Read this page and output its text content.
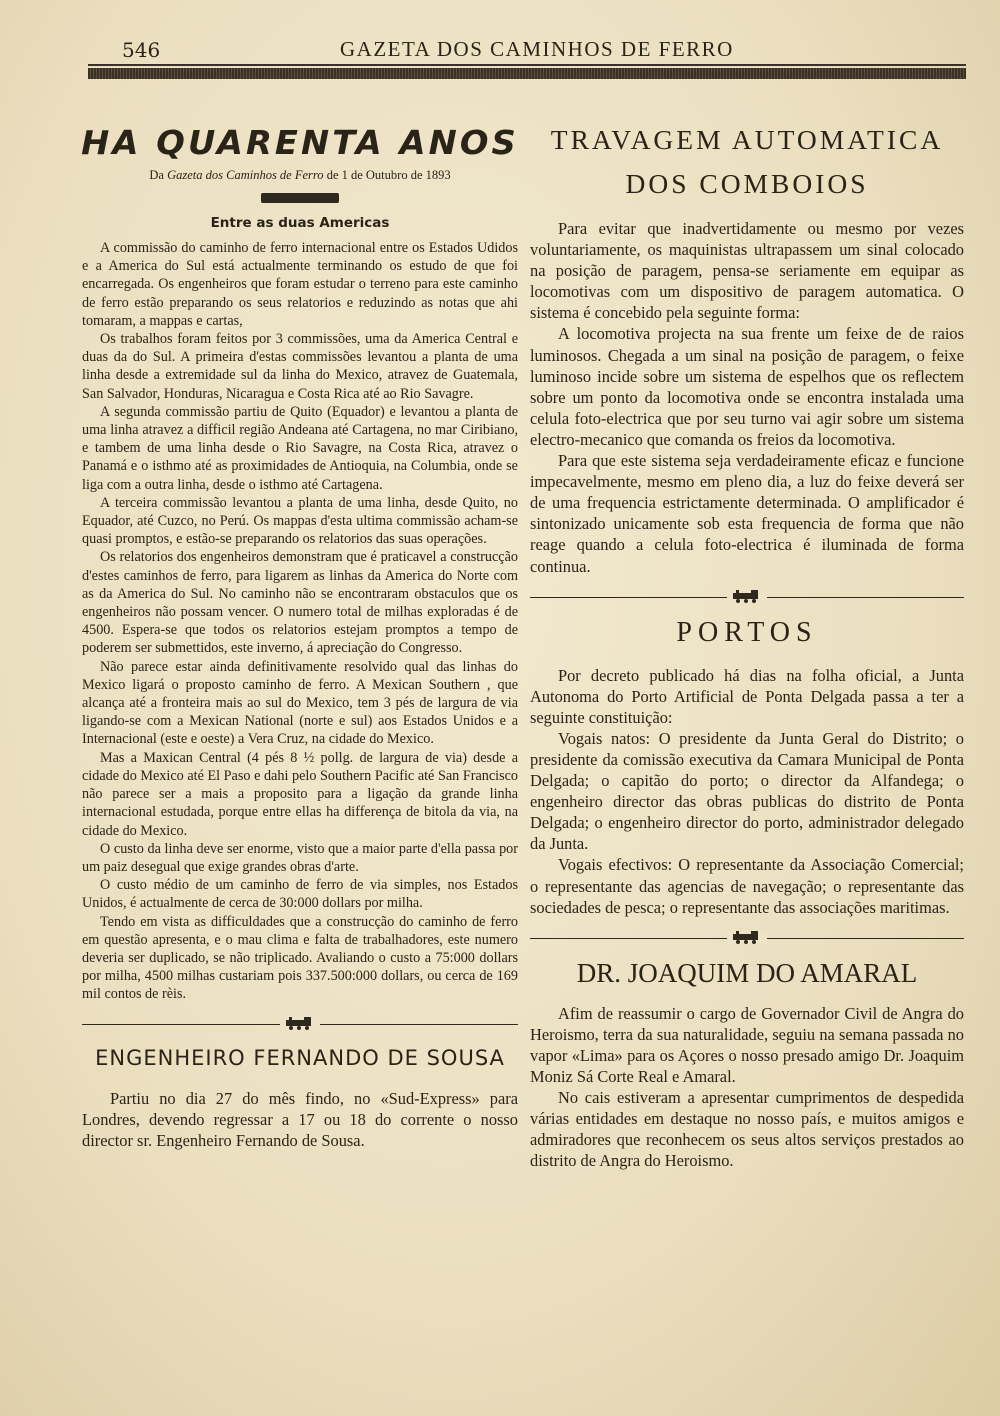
546	GAZETA DOS CAMINHOS DE FERRO
HA QUARENTA ANOS

Da Gazeta dos Caminhos de Ferro de 1 de Outubro de 1893

Entre as duas Americas

A commissão do caminho de ferro internacional entre os Estados Udidos e a America do Sul está actualmente terminando os estudo de que foi encarregada. Os engenheiros que foram estudar o terreno para este caminho de ferro estão preparando os seus relatorios e reduzindo as notas que ahi tomaram, a mappas e cartas,

Os trabalhos foram feitos por 3 commissões, uma da America Central e duas da do Sul. A primeira d'estas commissões levantou a planta de uma linha desde a extremidade sul da linha do Mexico, atravez de Guatemala, San Salvador, Honduras, Nicaragua e Costa Rica até ao Rio Savagre.

A segunda commissão partiu de Quito (Equador) e levantou a planta de uma linha atravez a difficil região Andeana até Cartagena, no mar Ciribiano, e tambem de uma linha desde o Rio Savagre, na Costa Rica, atravez o Panamá e o isthmo até as proximidades de Antioquia, na Columbia, onde se liga com a outra linha, desde o isthmo até Cartagena.

A terceira commissão levantou a planta de uma linha, desde Quito, no Equador, até Cuzco, no Perú. Os mappas d'esta ultima commissão acham-se quasi promptos, e estão-se preparando os relatorios das suas operações.

Os relatorios dos engenheiros demonstram que é praticavel a construcção d'estes caminhos de ferro, para ligarem as linhas da America do Norte com as da America do Sul. No caminho não se encontraram obstaculos que os engenheiros não possam vencer. O numero total de milhas exploradas é de 4500. Espera-se que todos os relatorios estejam promptos a tempo de poderem ser submettidos, este inverno, á apreciação do Congresso.

Não parece estar ainda definitivamente resolvido qual das linhas do Mexico ligará o proposto caminho de ferro. A Mexican Southern , que alcança até a fronteira mais ao sul do Mexico, tem 3 pés de largura de via ligando-se com a Mexican National (norte e sul) aos Estados Unidos e a Internacional (este e oeste) a Vera Cruz, na cidade do Mexico.

Mas a Maxican Central (4 pés 8 ½ pollg. de largura de via) desde a cidade do Mexico até El Paso e dahi pelo Southern Pacific até San Francisco não parece ser a mais a proposito para a ligação da grande linha internacional estudada, porque entre ellas ha differença de bitola da via, na cidade do Mexico.

O custo da linha deve ser enorme, visto que a maior parte d'ella passa por um paiz desegual que exige grandes obras d'arte.

O custo médio de um caminho de ferro de via simples, nos Estados Unidos, é actualmente de cerca de 30:000 dollars por milha.

Tendo em vista as difficuldades que a construcção do caminho de ferro em questão apresenta, e o mau clima e falta de trabalhadores, este numero deveria ser duplicado, se não triplicado. Avaliando o custo a 75:000 dollars por milha, 4500 milhas custariam pois 337.500:000 dollars, ou cerca de 169 mil contos de rèis.

ENGENHEIRO FERNANDO DE SOUSA

Partiu no dia 27 do mês findo, no «Sud-Express» para Londres, devendo regressar a 17 ou 18 do corrente o nosso director sr. Engenheiro Fernando de Sousa.

TRAVAGEM AUTOMATICA
DOS COMBOIOS

Para evitar que inadvertidamente ou mesmo por vezes voluntariamente, os maquinistas ultrapassem um sinal colocado na posição de paragem, pensa-se seriamente em equipar as locomotivas com um dispositivo de paragem automatica. O sistema é concebido pela seguinte forma:

A locomotiva projecta na sua frente um feixe de de raios luminosos. Chegada a um sinal na posição de paragem, o feixe luminoso incide sobre um sistema de espelhos que os reflectem sobre um ponto da locomotiva onde se encontra instalada uma celula foto-electrica que por seu turno vai agir sobre um sistema electro-mecanico que comanda os freios da locomotiva.

Para que este sistema seja verdadeiramente eficaz e funcione impecavelmente, mesmo em pleno dia, a luz do feixe deverá ser de uma frequencia estrictamente determinada. O amplificador é sintonizado unicamente sob esta frequencia de forma que não reage quando a celula foto-electrica é iluminada de forma continua.

PORTOS

Por decreto publicado há dias na folha oficial, a Junta Autonoma do Porto Artificial de Ponta Delgada passa a ter a seguinte constituição:

Vogais natos: O presidente da Junta Geral do Distrito; o presidente da comissão executiva da Camara Municipal de Ponta Delgada; o capitão do porto; o director da Alfandega; o engenheiro director das obras publicas do distrito de Ponta Delgada; o engenheiro director do porto, administrador delegado da Junta.

Vogais efectivos: O representante da Associação Comercial; o representante das agencias de navegação; o representante das sociedades de pesca; o representante das associações maritimas.

DR. JOAQUIM DO AMARAL

Afim de reassumir o cargo de Governador Civil de Angra do Heroismo, terra da sua naturalidade, seguiu na semana passada no vapor «Lima» para os Açores o nosso presado amigo Dr. Joaquim Moniz Sá Corte Real e Amaral.

No cais estiveram a apresentar cumprimentos de despedida várias entidades em destaque no nosso país, e muitos amigos e admiradores que reconhecem os seus altos serviços prestados ao distrito de Angra do Heroismo.
